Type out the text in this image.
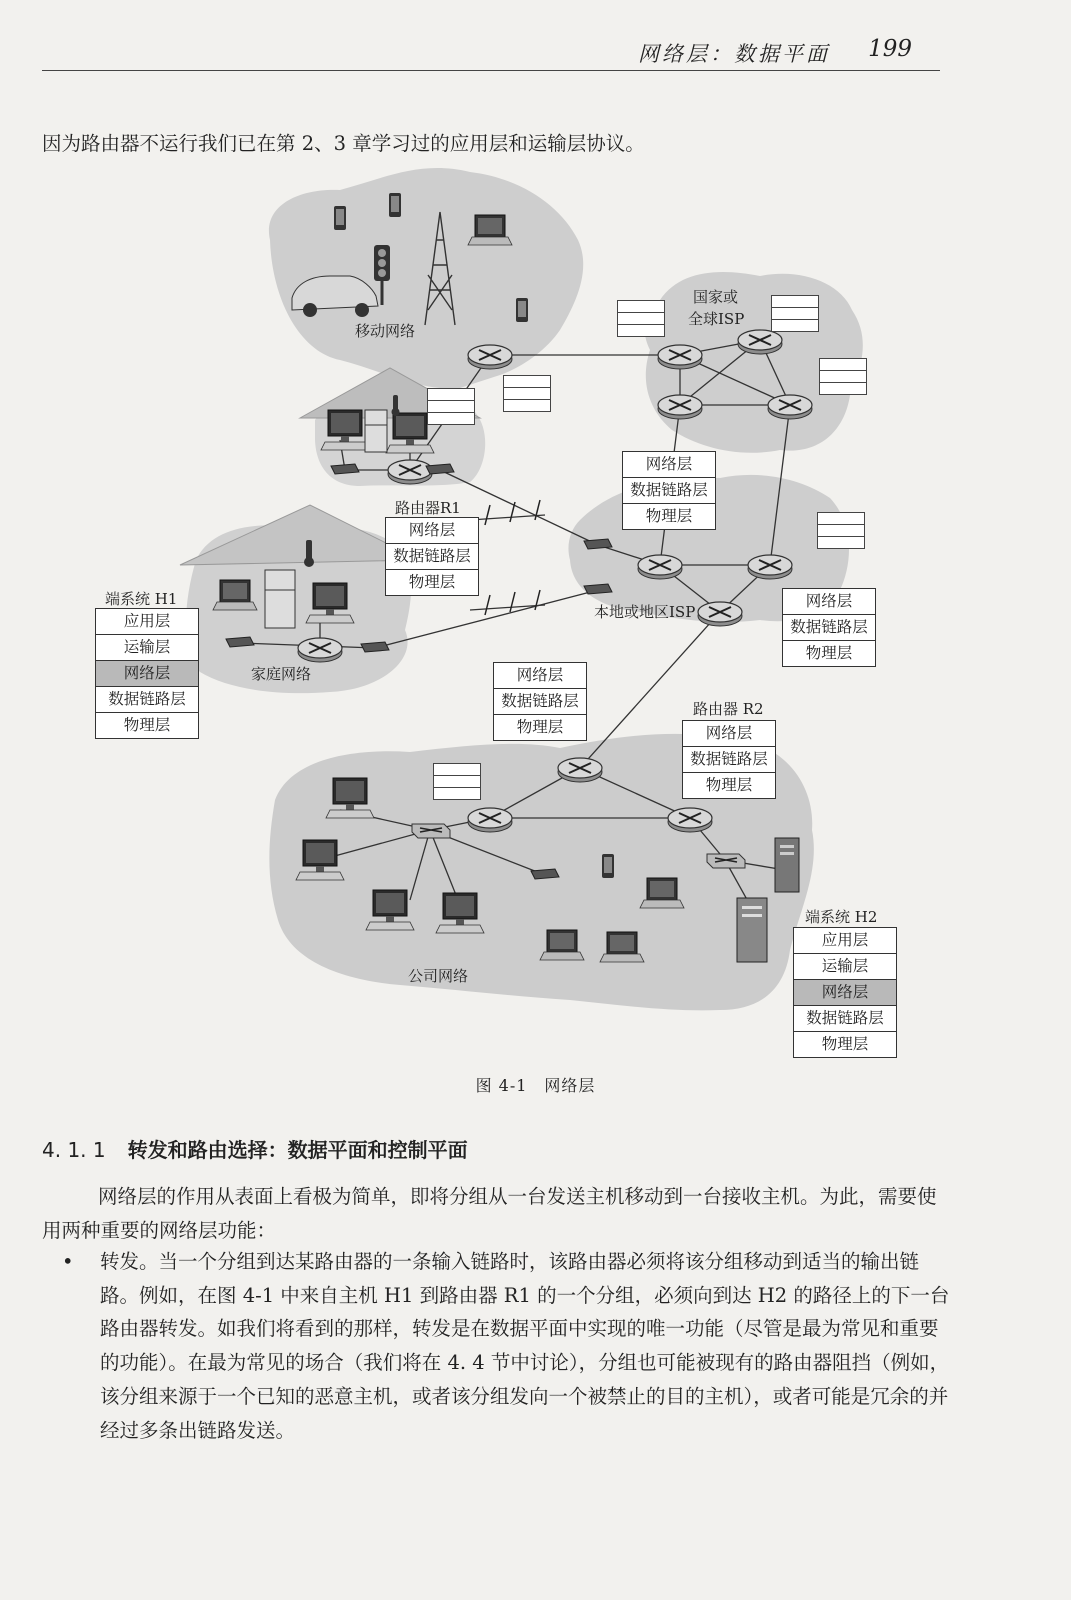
网络层：数据平面 199
因为路由器不运行我们已在第 2、3 章学习过的应用层和运输层协议。
移动网络
国家或
全球ISP
家庭网络
本地或地区ISP
公司网络
网络层
数据链路层
物理层
网络层
数据链路层
物理层
网络层
数据链路层
物理层
路由器R1
网络层
数据链路层
物理层
路由器 R2
网络层
数据链路层
物理层
端系统 H1
应用层
运输层
网络层
数据链路层
物理层
端系统 H2
应用层
运输层
网络层
数据链路层
物理层
图 4-1　网络层
4. 1. 1 转发和路由选择：数据平面和控制平面
网络层的作用从表面上看极为简单，即将分组从一台发送主机移动到一台接收主机。为此，需要使用两种重要的网络层功能：
• 转发。当一个分组到达某路由器的一条输入链路时，该路由器必须将该分组移动到适当的输出链路。例如，在图 4-1 中来自主机 H1 到路由器 R1 的一个分组，必须向到达 H2 的路径上的下一台路由器转发。如我们将看到的那样，转发是在数据平面中实现的唯一功能（尽管是最为常见和重要的功能）。在最为常见的场合（我们将在 4. 4 节中讨论），分组也可能被现有的路由器阻挡（例如，该分组来源于一个已知的恶意主机，或者该分组发向一个被禁止的目的主机），或者可能是冗余的并经过多条出链路发送。
